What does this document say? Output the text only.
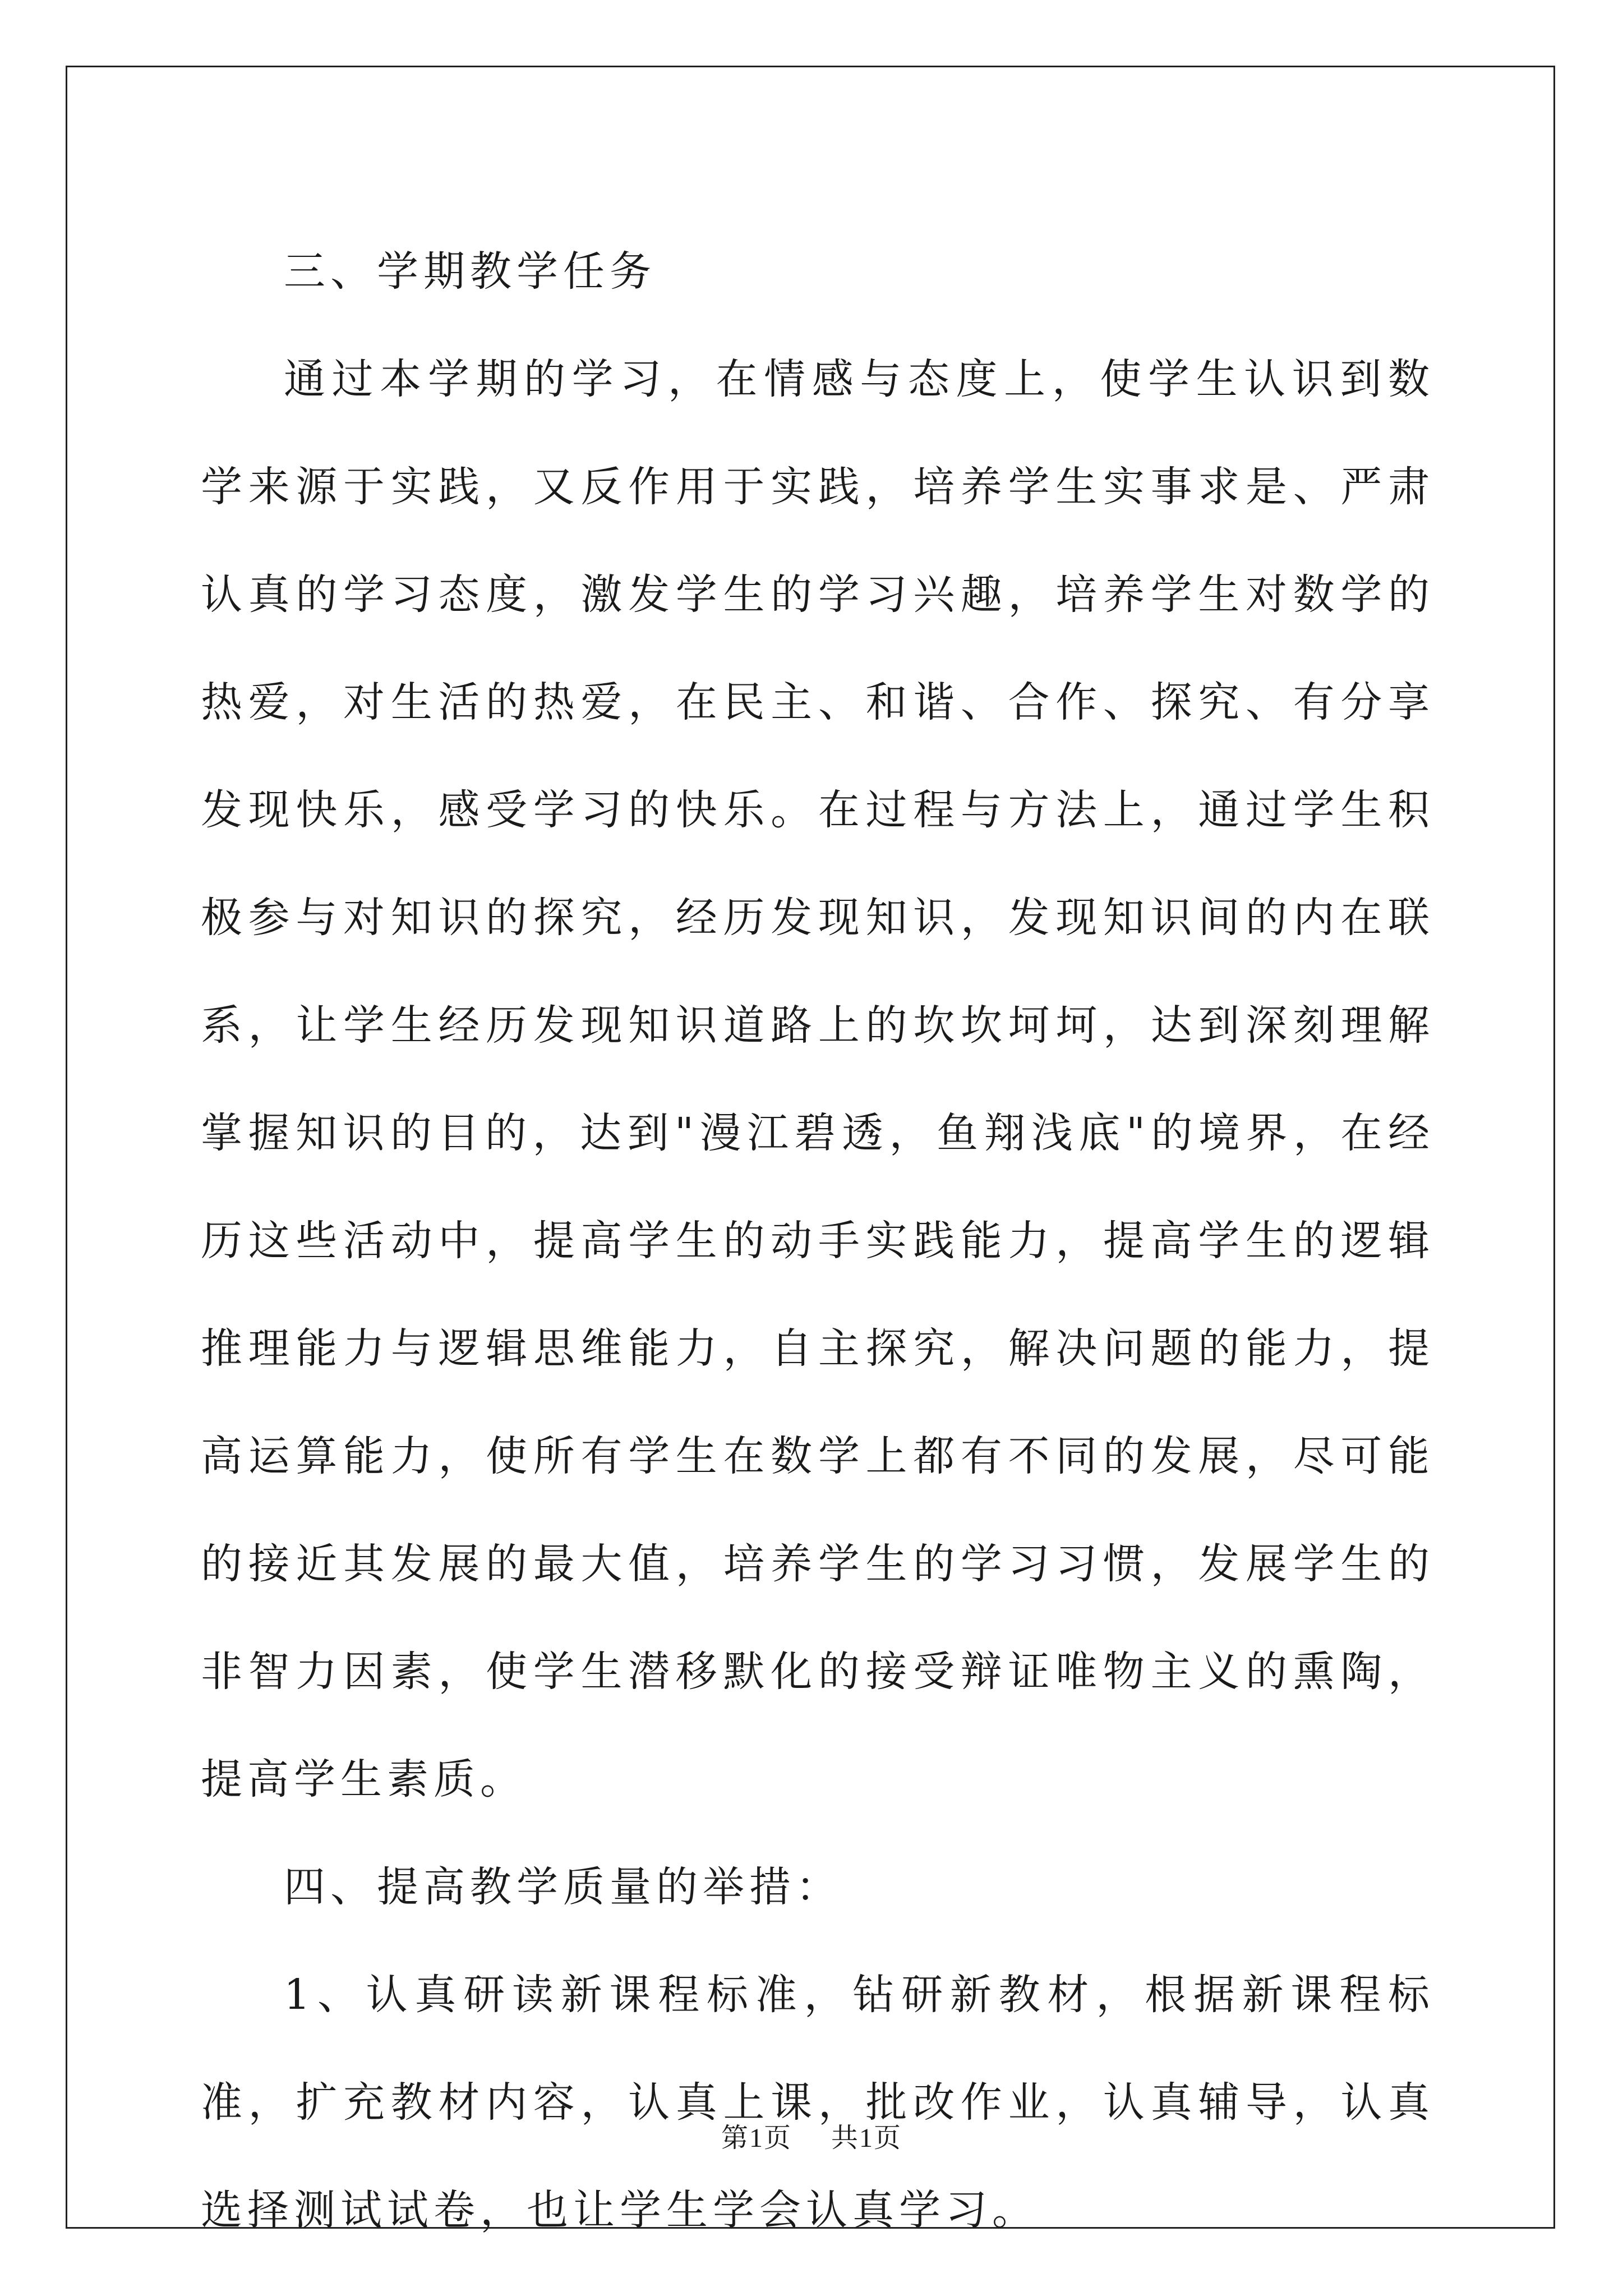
三、学期教学任务

通过本学期的学习，在情感与态度上，使学生认识到数学来源于实践，又反作用于实践，培养学生实事求是、严肃认真的学习态度，激发学生的学习兴趣，培养学生对数学的热爱，对生活的热爱，在民主、和谐、合作、探究、有分享发现快乐，感受学习的快乐。在过程与方法上，通过学生积极参与对知识的探究，经历发现知识，发现知识间的内在联系，让学生经历发现知识道路上的坎坎坷坷，达到深刻理解掌握知识的目的，达到"漫江碧透，鱼翔浅底"的境界，在经历这些活动中，提高学生的动手实践能力，提高学生的逻辑推理能力与逻辑思维能力，自主探究，解决问题的能力，提高运算能力，使所有学生在数学上都有不同的发展，尽可能的接近其发展的最大值，培养学生的学习习惯，发展学生的非智力因素，使学生潜移默化的接受辩证唯物主义的熏陶，提高学生素质。

四、提高教学质量的举措：

1、认真研读新课程标准，钻研新教材，根据新课程标准，扩充教材内容，认真上课，批改作业，认真辅导，认真选择测试试卷，也让学生学会认真学习。

第1页 共1页
